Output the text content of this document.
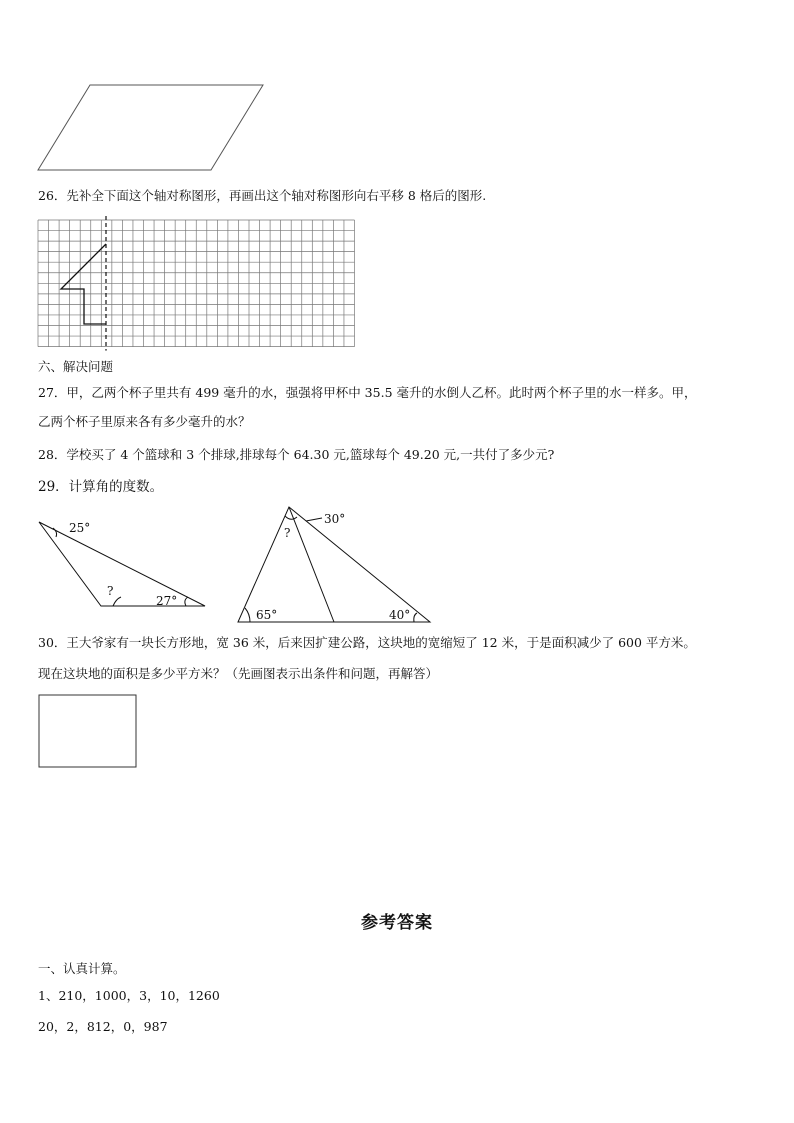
25°
?
27°
30°
?
65°	40°
26．先补全下面这个轴对称图形，再画出这个轴对称图形向右平移 8 格后的图形.
六、解决问题
27．甲，乙两个杯子里共有 499 毫升的水，强强将甲杯中 35.5 毫升的水倒人乙杯。此时两个杯子里的水一样多。甲，
乙两个杯子里原来各有多少毫升的水？
28．学校买了 4 个篮球和 3 个排球,排球每个 64.30 元,篮球每个 49.20 元,一共付了多少元?
29．计算角的度数。
30．王大爷家有一块长方形地，宽 36 米，后来因扩建公路，这块地的宽缩短了 12 米，于是面积减少了 600 平方米。
现在这块地的面积是多少平方米？（先画图表示出条件和问题，再解答）
参考答案
一、认真计算。
1、210，1000，3，10，1260
20，2，812，0，987
